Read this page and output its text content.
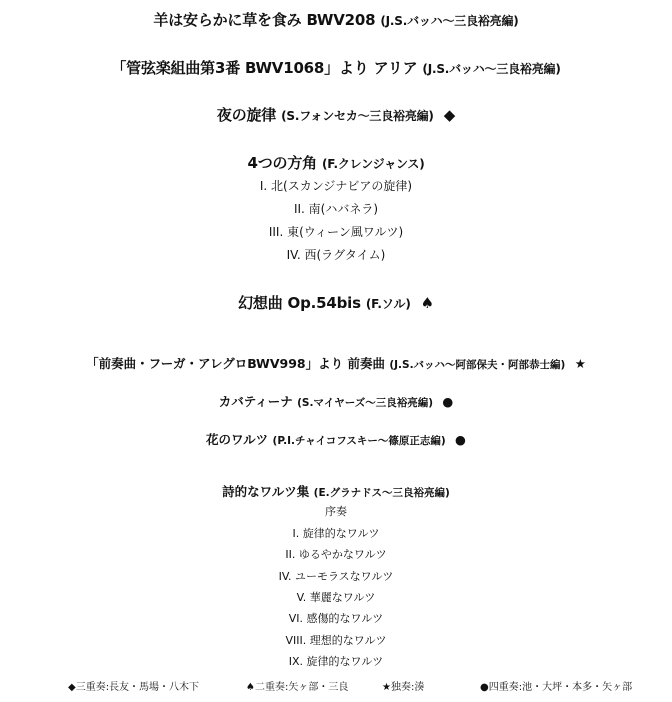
羊は安らかに草を食み BWV208 (J.S.バッハ〜三良裕亮編)
「管弦楽組曲第3番 BWV1068」より アリア (J.S.バッハ〜三良裕亮編)
夜の旋律 (S.フォンセカ〜三良裕亮編) ◆
4つの方角 (F.クレンジャンス)
I. 北(スカンジナビアの旋律)
II. 南(ハバネラ)
III. 東(ウィーン風ワルツ)
IV. 西(ラグタイム)
幻想曲 Op.54bis (F.ソル) ♠
「前奏曲・フーガ・アレグロBWV998」より 前奏曲 (J.S.バッハ〜阿部保夫・阿部恭士編) ★
カバティーナ (S.マイヤーズ〜三良裕亮編) ●
花のワルツ (P.I.チャイコフスキー〜篠原正志編) ●
詩的なワルツ集 (E.グラナドス〜三良裕亮編)
序奏
I. 旋律的なワルツ
II. ゆるやかなワルツ
IV. ユーモラスなワルツ
V. 華麗なワルツ
VI. 感傷的なワルツ
VIII. 理想的なワルツ
IX. 旋律的なワルツ
◆三重奏:長友・馬場・八木下	♠二重奏:矢ヶ部・三良	★独奏:湊	●四重奏:池・大坪・本多・矢ヶ部
